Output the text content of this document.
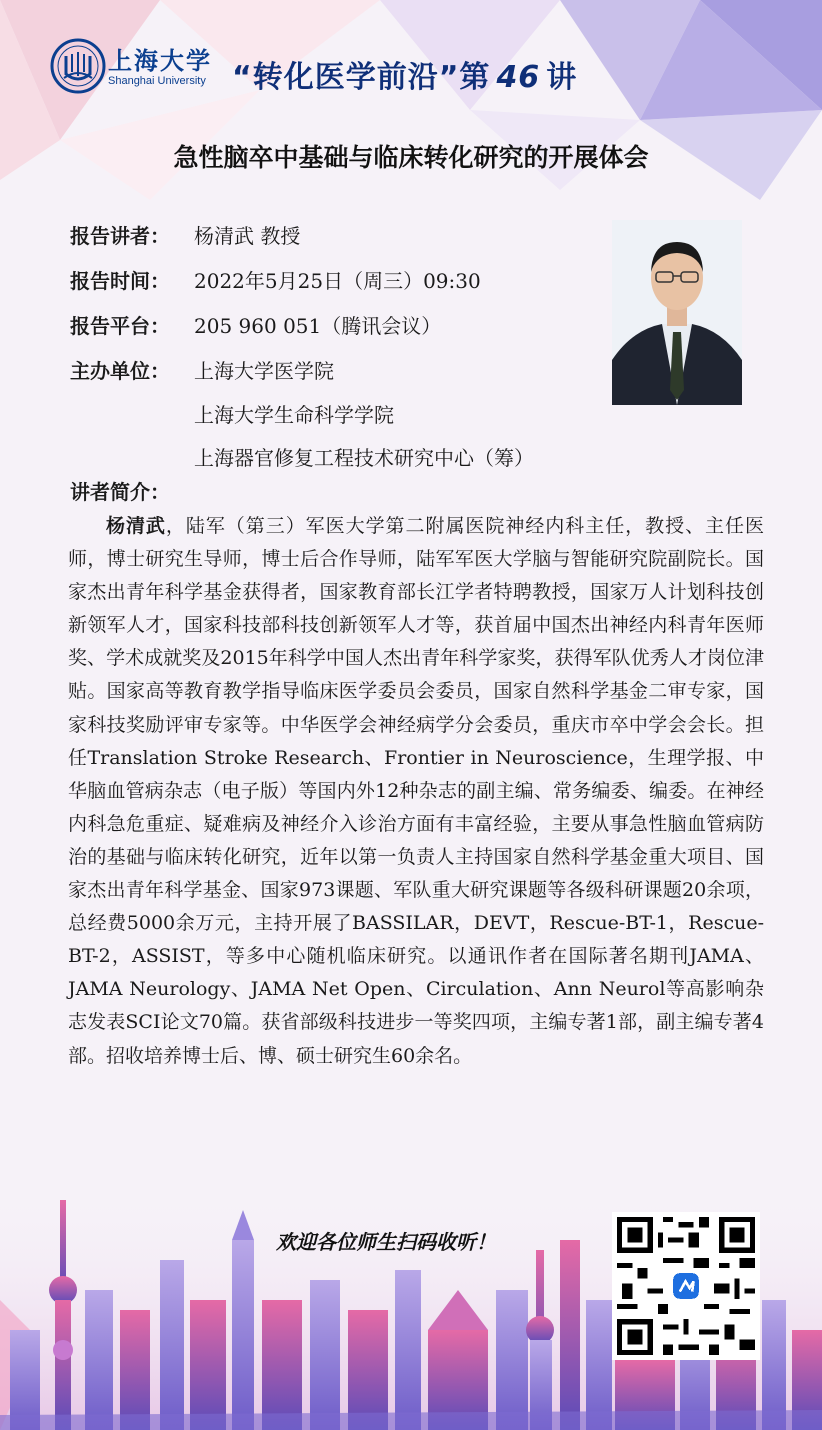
上海大学
Shanghai University “转化医学前沿”第 46 讲
急性脑卒中基础与临床转化研究的开展体会
报告讲者：	杨清武 教授
报告时间：	2022年5月25日（周三）09:30
报告平台：	205 960 051（腾讯会议）
主办单位：	上海大学医学院
上海大学生命科学学院
上海器官修复工程技术研究中心（筹）
讲者简介：
杨清武，陆军（第三）军医大学第二附属医院神经内科主任，教授、主任医师，博士研究生导师，博士后合作导师，陆军军医大学脑与智能研究院副院长。国家杰出青年科学基金获得者，国家教育部长江学者特聘教授，国家万人计划科技创新领军人才，国家科技部科技创新领军人才等，获首届中国杰出神经内科青年医师奖、学术成就奖及2015年科学中国人杰出青年科学家奖，获得军队优秀人才岗位津贴。国家高等教育教学指导临床医学委员会委员，国家自然科学基金二审专家，国家科技奖励评审专家等。中华医学会神经病学分会委员，重庆市卒中学会会长。担任Translation Stroke Research、Frontier in Neuroscience，生理学报、中华脑血管病杂志（电子版）等国内外12种杂志的副主编、常务编委、编委。在神经内科急危重症、疑难病及神经介入诊治方面有丰富经验，主要从事急性脑血管病防治的基础与临床转化研究，近年以第一负责人主持国家自然科学基金重大项目、国家杰出青年科学基金、国家973课题、军队重大研究课题等各级科研课题20余项，总经费5000余万元，主持开展了BASSILAR，DEVT，Rescue-BT-1，Rescue-BT-2，ASSIST，等多中心随机临床研究。以通讯作者在国际著名期刊JAMA、JAMA Neurology、JAMA Net Open、Circulation、Ann Neurol等高影响杂志发表SCI论文70篇。获省部级科技进步一等奖四项，主编专著1部，副主编专著4部。招收培养博士后、博、硕士研究生60余名。
欢迎各位师生扫码收听！
